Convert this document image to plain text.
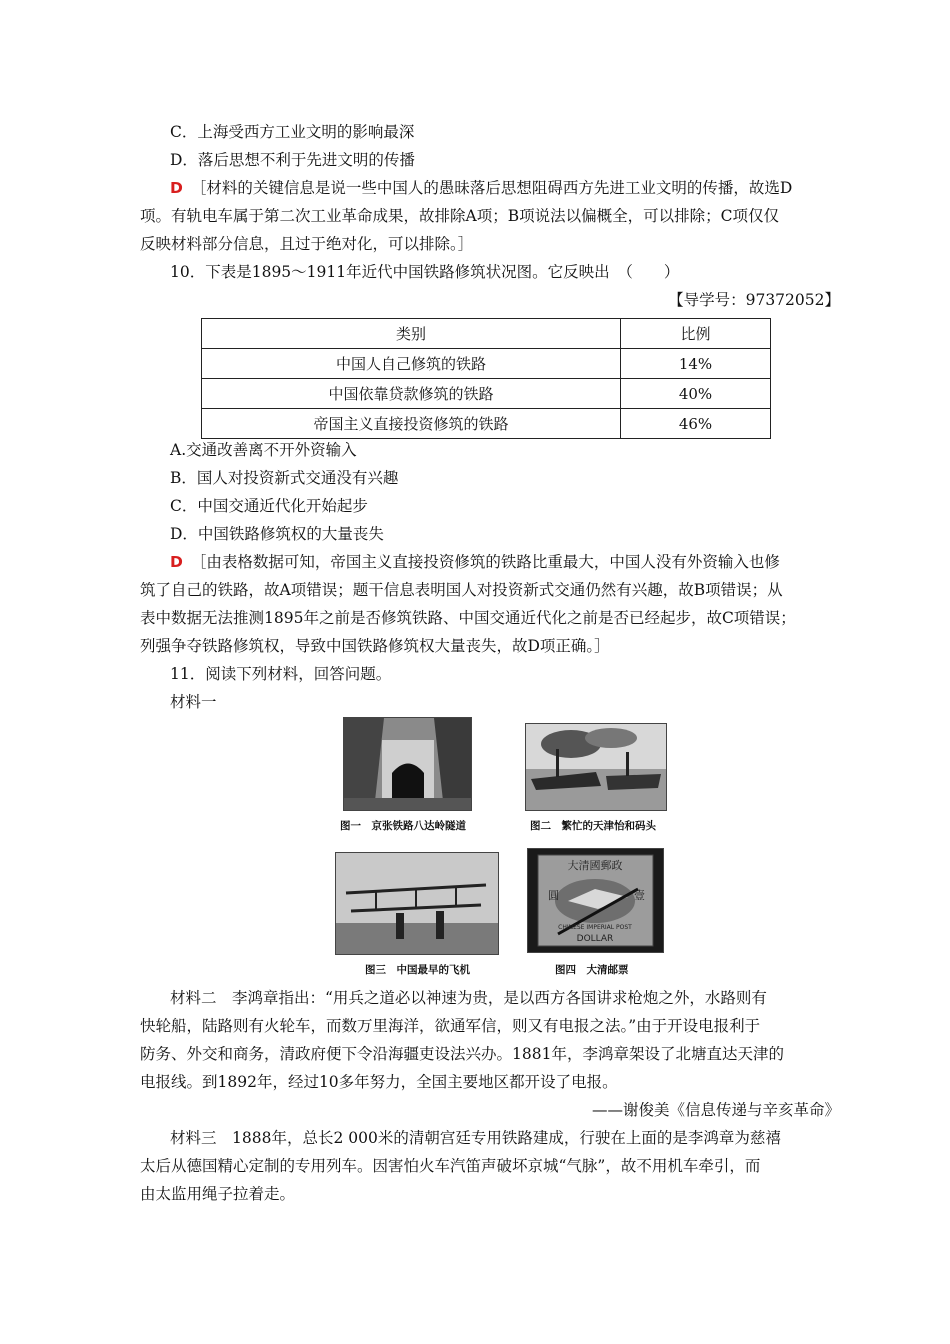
C．上海受西方工业文明的影响最深
D．落后思想不利于先进文明的传播
D ［材料的关键信息是说一些中国人的愚昧落后思想阻碍西方先进工业文明的传播，故选D
项。有轨电车属于第二次工业革命成果，故排除A项；B项说法以偏概全，可以排除；C项仅仅
反映材料部分信息，且过于绝对化，可以排除。］
10．下表是1895～1911年近代中国铁路修筑状况图。它反映出　（　　）
【导学号：97372052】
类别	比例
中国人自己修筑的铁路	14%
中国依靠贷款修筑的铁路	40%
帝国主义直接投资修筑的铁路	46%
A.交通改善离不开外资输入
B．国人对投资新式交通没有兴趣
C．中国交通近代化开始起步
D．中国铁路修筑权的大量丧失
D ［由表格数据可知，帝国主义直接投资修筑的铁路比重最大，中国人没有外资输入也修
筑了自己的铁路，故A项错误；题干信息表明国人对投资新式交通仍然有兴趣，故B项错误；从
表中数据无法推测1895年之前是否修筑铁路、中国交通近代化之前是否已经起步，故C项错误；
列强争夺铁路修筑权，导致中国铁路修筑权大量丧失，故D项正确。］
11．阅读下列材料，回答问题。
材料一
图一　京张铁路八达岭隧道	图二　繁忙的天津怡和码头
图三　中国最早的飞机
大清國郵政
圓	壹
CHINESE IMPERIAL POST
DOLLAR
图四　大清邮票
材料二　李鸿章指出：“用兵之道必以神速为贵，是以西方各国讲求枪炮之外，水路则有
快轮船，陆路则有火轮车，而数万里海洋，欲通军信，则又有电报之法。”由于开设电报利于
防务、外交和商务，清政府便下令沿海疆吏设法兴办。1881年，李鸿章架设了北塘直达天津的
电报线。到1892年，经过10多年努力，全国主要地区都开设了电报。
——谢俊美《信息传递与辛亥革命》
材料三　1888年，总长2 000米的清朝宫廷专用铁路建成，行驶在上面的是李鸿章为慈禧
太后从德国精心定制的专用列车。因害怕火车汽笛声破坏京城“气脉”，故不用机车牵引，而
由太监用绳子拉着走。
